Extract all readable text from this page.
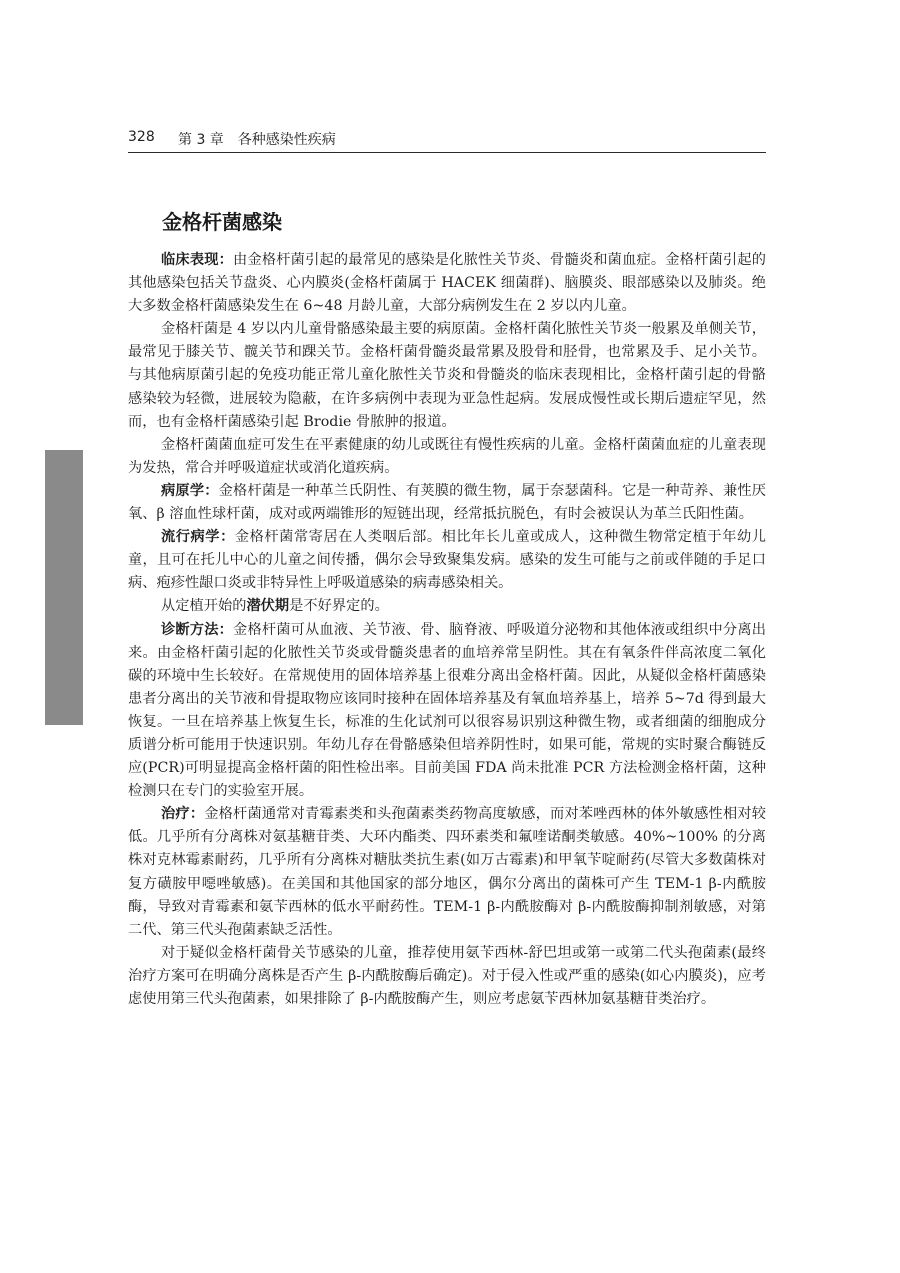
328 第 3 章　各种感染性疾病
金格杆菌感染

临床表现：由金格杆菌引起的最常见的感染是化脓性关节炎、骨髓炎和菌血症。金格杆菌引起的其他感染包括关节盘炎、心内膜炎(金格杆菌属于 HACEK 细菌群)、脑膜炎、眼部感染以及肺炎。绝大多数金格杆菌感染发生在 6~48 月龄儿童，大部分病例发生在 2 岁以内儿童。

金格杆菌是 4 岁以内儿童骨骼感染最主要的病原菌。金格杆菌化脓性关节炎一般累及单侧关节，最常见于膝关节、髋关节和踝关节。金格杆菌骨髓炎最常累及股骨和胫骨，也常累及手、足小关节。与其他病原菌引起的免疫功能正常儿童化脓性关节炎和骨髓炎的临床表现相比，金格杆菌引起的骨骼感染较为轻微，进展较为隐蔽，在许多病例中表现为亚急性起病。发展成慢性或长期后遗症罕见，然而，也有金格杆菌感染引起 Brodie 骨脓肿的报道。

金格杆菌菌血症可发生在平素健康的幼儿或既往有慢性疾病的儿童。金格杆菌菌血症的儿童表现为发热，常合并呼吸道症状或消化道疾病。

病原学：金格杆菌是一种革兰氏阴性、有荚膜的微生物，属于奈瑟菌科。它是一种苛养、兼性厌氧、β 溶血性球杆菌，成对或两端锥形的短链出现，经常抵抗脱色，有时会被误认为革兰氏阳性菌。

流行病学：金格杆菌常寄居在人类咽后部。相比年长儿童或成人，这种微生物常定植于年幼儿童，且可在托儿中心的儿童之间传播，偶尔会导致聚集发病。感染的发生可能与之前或伴随的手足口病、疱疹性龈口炎或非特异性上呼吸道感染的病毒感染相关。

从定植开始的潜伏期是不好界定的。

诊断方法：金格杆菌可从血液、关节液、骨、脑脊液、呼吸道分泌物和其他体液或组织中分离出来。由金格杆菌引起的化脓性关节炎或骨髓炎患者的血培养常呈阴性。其在有氧条件伴高浓度二氧化碳的环境中生长较好。在常规使用的固体培养基上很难分离出金格杆菌。因此，从疑似金格杆菌感染患者分离出的关节液和骨提取物应该同时接种在固体培养基及有氧血培养基上，培养 5~7d 得到最大恢复。一旦在培养基上恢复生长，标准的生化试剂可以很容易识别这种微生物，或者细菌的细胞成分质谱分析可能用于快速识别。年幼儿存在骨骼感染但培养阴性时，如果可能，常规的实时聚合酶链反应(PCR)可明显提高金格杆菌的阳性检出率。目前美国 FDA 尚未批准 PCR 方法检测金格杆菌，这种检测只在专门的实验室开展。

治疗：金格杆菌通常对青霉素类和头孢菌素类药物高度敏感，而对苯唑西林的体外敏感性相对较低。几乎所有分离株对氨基糖苷类、大环内酯类、四环素类和氟喹诺酮类敏感。40%~100% 的分离株对克林霉素耐药，几乎所有分离株对糖肽类抗生素(如万古霉素)和甲氧苄啶耐药(尽管大多数菌株对复方磺胺甲噁唑敏感)。在美国和其他国家的部分地区，偶尔分离出的菌株可产生 TEM-1 β-内酰胺酶，导致对青霉素和氨苄西林的低水平耐药性。TEM-1 β-内酰胺酶对 β-内酰胺酶抑制剂敏感，对第二代、第三代头孢菌素缺乏活性。

对于疑似金格杆菌骨关节感染的儿童，推荐使用氨苄西林-舒巴坦或第一或第二代头孢菌素(最终治疗方案可在明确分离株是否产生 β-内酰胺酶后确定)。对于侵入性或严重的感染(如心内膜炎)，应考虑使用第三代头孢菌素，如果排除了 β-内酰胺酶产生，则应考虑氨苄西林加氨基糖苷类治疗。
